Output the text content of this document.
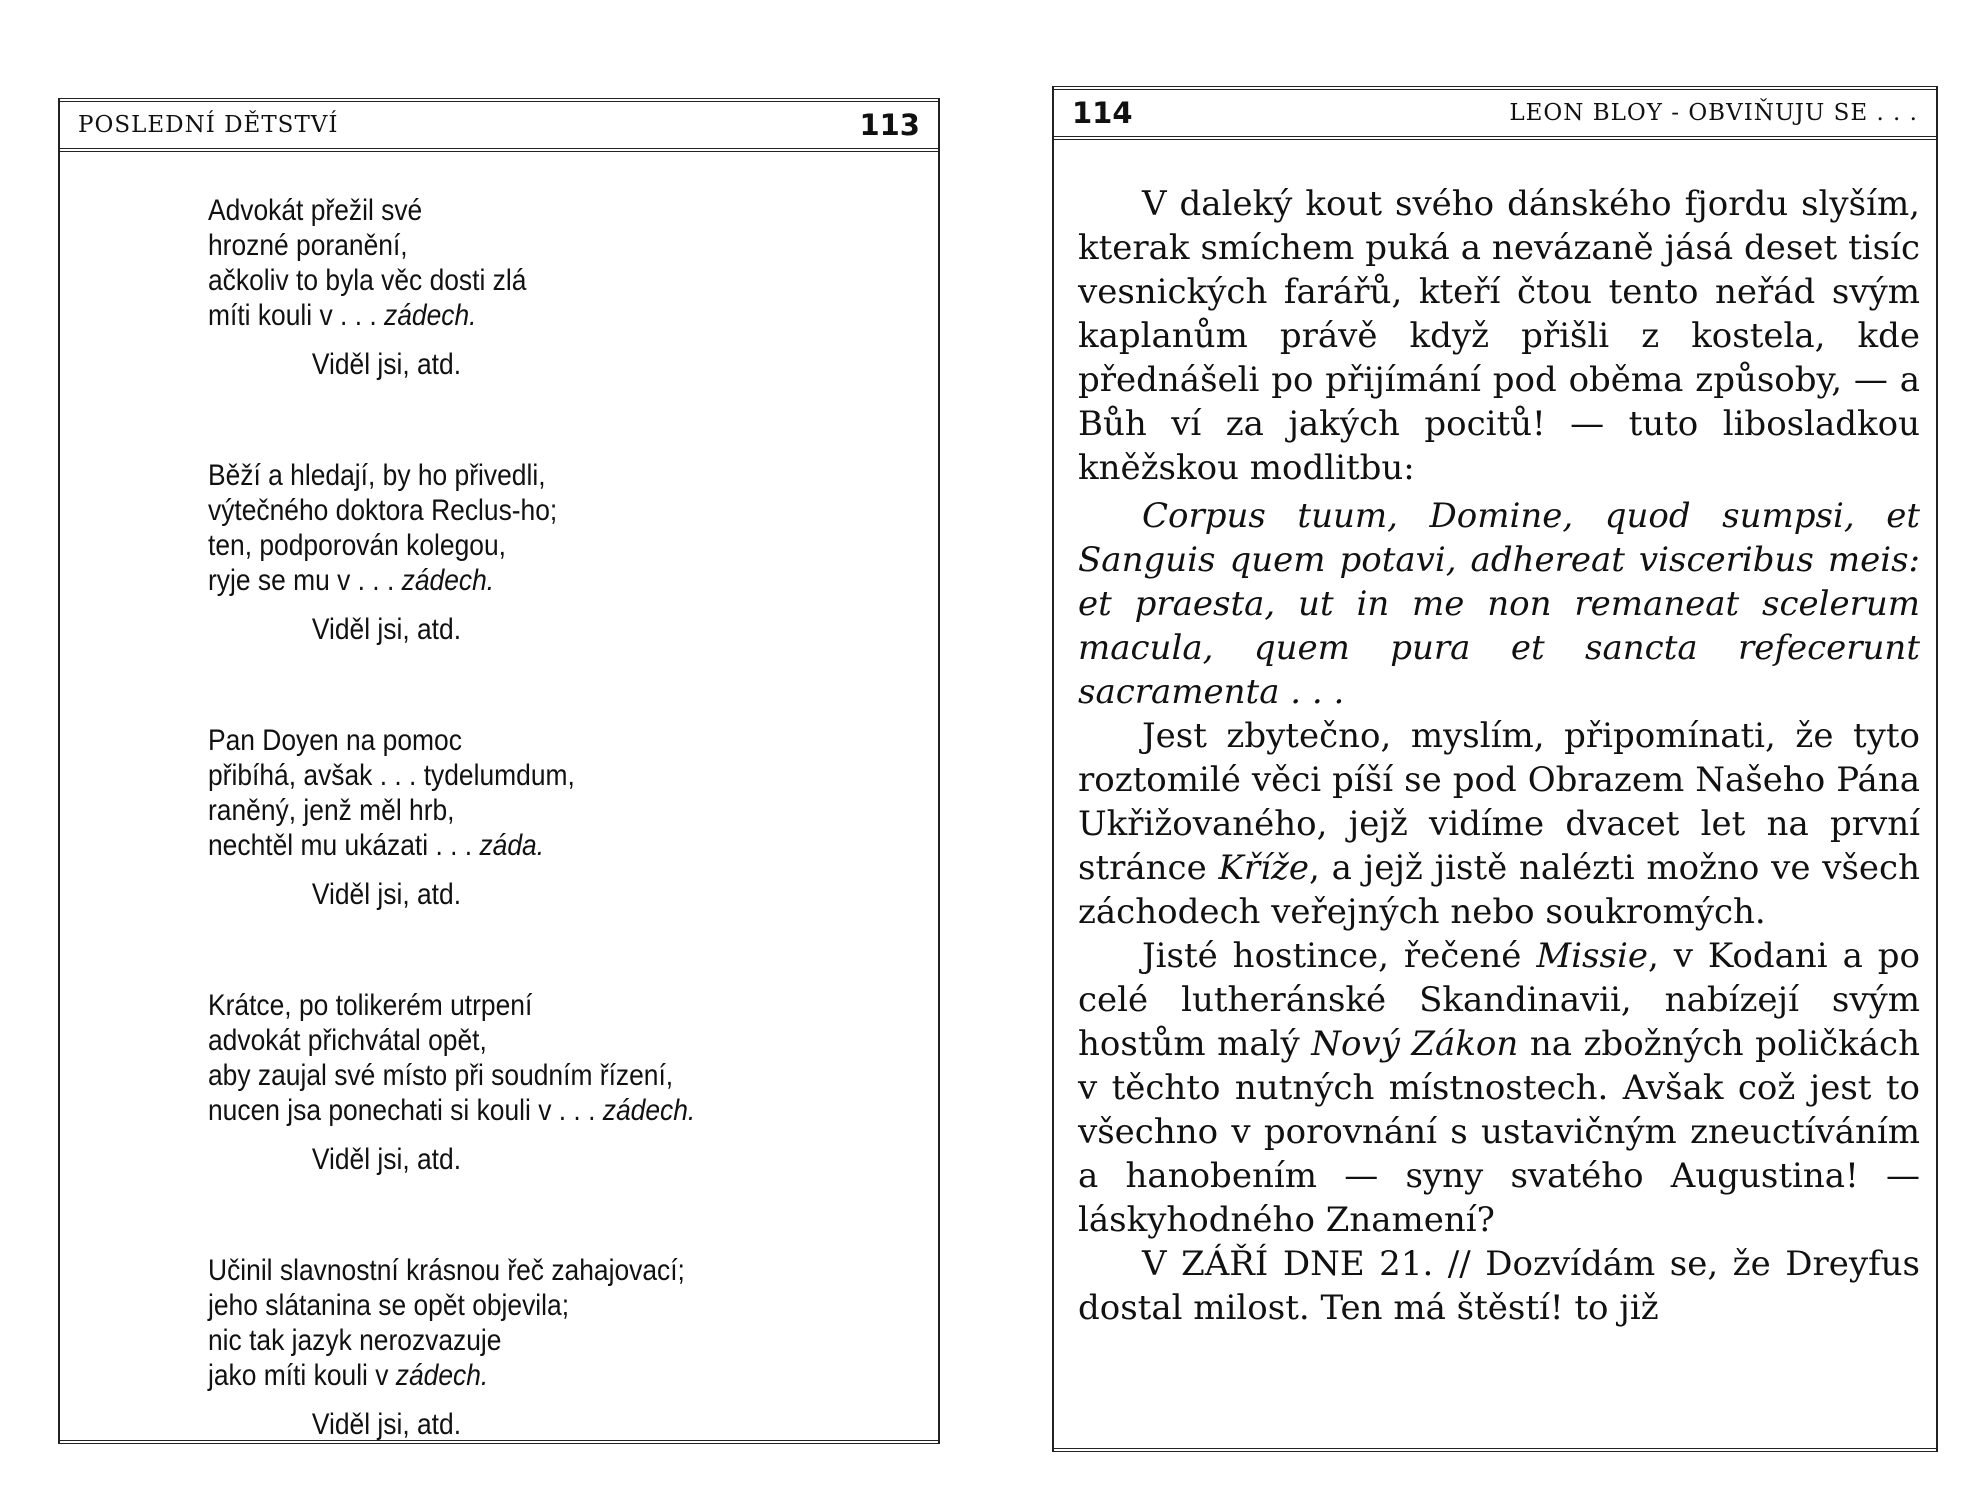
POSLEDNÍ DĚTSTVÍ	113
Advokát přežil své
hrozné poranění,
ačkoliv to byla věc dosti zlá
míti kouli v . . . zádech.
Viděl jsi, atd.
Běží a hledají, by ho přivedli,
výtečného doktora Reclus-ho;
ten, podporován kolegou,
ryje se mu v . . . zádech.
Viděl jsi, atd.
Pan Doyen na pomoc
přibíhá, avšak . . . tydelumdum,
raněný, jenž měl hrb,
nechtěl mu ukázati . . . záda.
Viděl jsi, atd.
Krátce, po tolikerém utrpení
advokát přichvátal opět,
aby zaujal své místo při soudním řízení,
nucen jsa ponechati si kouli v . . . zádech.
Viděl jsi, atd.
Učinil slavnostní krásnou řeč zahajovací;
jeho slátanina se opět objevila;
nic tak jazyk nerozvazuje
jako míti kouli v zádech.
Viděl jsi, atd.
114	LEON BLOY - OBVIŇUJU SE . . .

V daleký kout svého dánského fjordu slyším, kterak smíchem puká a nevázaně jásá deset tisíc vesnických farářů, kteří čtou tento neřád svým kaplanům právě když přišli z kostela, kde přednášeli po přijímání pod oběma způsoby, — a Bůh ví za jakých pocitů! — tuto libosladkou kněžskou modlitbu:

Corpus tuum, Domine, quod sumpsi, et Sanguis quem potavi, adhereat visceribus meis: et praesta, ut in me non remaneat scelerum macula, quem pura et sancta refecerunt sacramenta . . .

Jest zbytečno, myslím, připomínati, že tyto roztomilé věci píší se pod Obrazem Našeho Pána Ukřižovaného, jejž vidíme dvacet let na první stránce Kříže, a jejž jistě nalézti možno ve všech záchodech veřejných nebo soukromých.

Jisté hostince, řečené Missie, v Kodani a po celé lutheránské Skandinavii, nabízejí svým hostům malý Nový Zákon na zbožných poličkách v těchto nutných místnostech. Avšak což jest to všechno v porovnání s ustavičným zneuctíváním a hanobením — syny svatého Augustina! — láskyhodného Znamení?

V ZÁŘÍ DNE 21. // Dozvídám se, že Dreyfus dostal milost. Ten má štěstí! to již
